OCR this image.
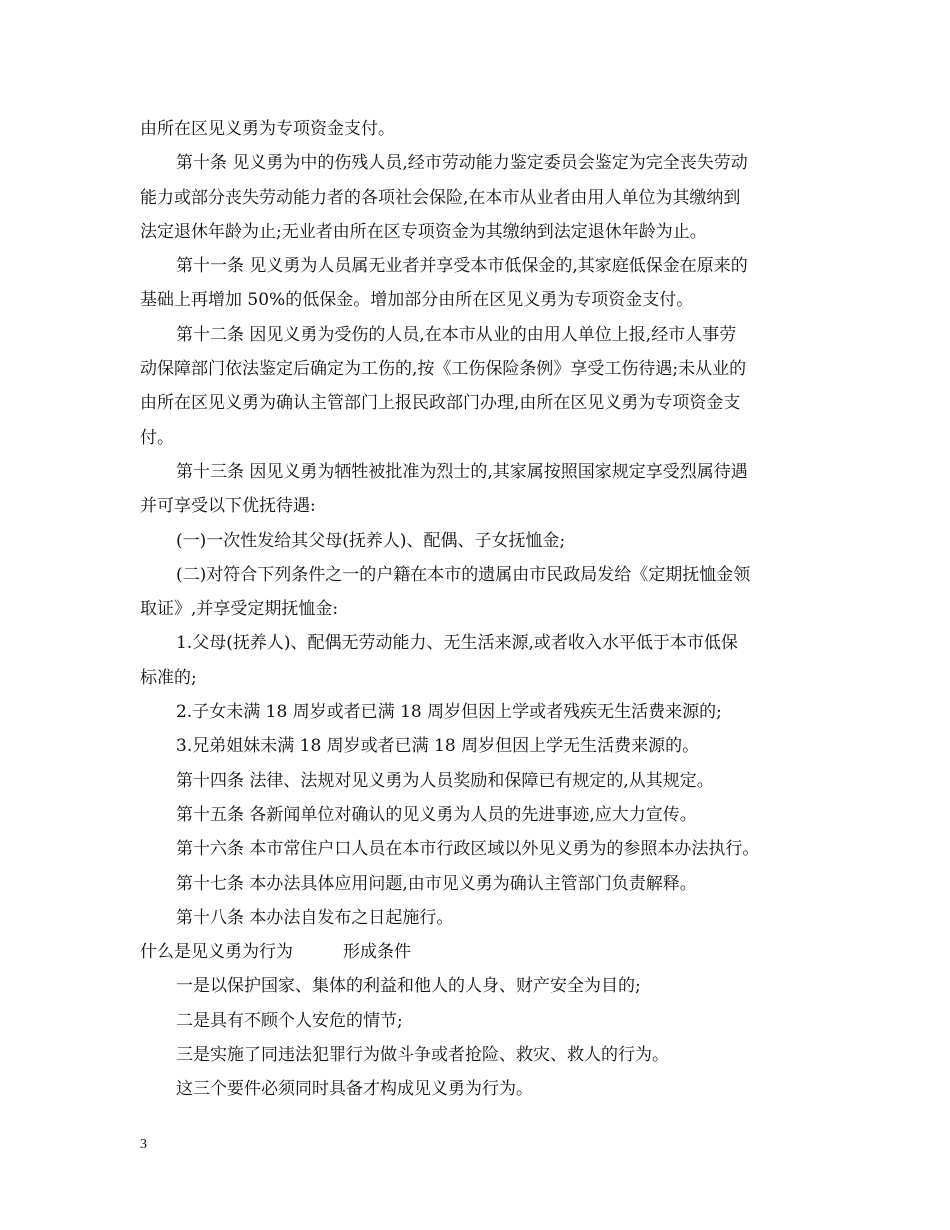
由所在区见义勇为专项资金支付。
第十条 见义勇为中的伤残人员,经市劳动能力鉴定委员会鉴定为完全丧失劳动
能力或部分丧失劳动能力者的各项社会保险,在本市从业者由用人单位为其缴纳到
法定退休年龄为止;无业者由所在区专项资金为其缴纳到法定退休年龄为止。
第十一条 见义勇为人员属无业者并享受本市低保金的,其家庭低保金在原来的
基础上再增加 50%的低保金。增加部分由所在区见义勇为专项资金支付。
第十二条 因见义勇为受伤的人员,在本市从业的由用人单位上报,经市人事劳
动保障部门依法鉴定后确定为工伤的,按《工伤保险条例》享受工伤待遇;未从业的
由所在区见义勇为确认主管部门上报民政部门办理,由所在区见义勇为专项资金支
付。
第十三条 因见义勇为牺牲被批准为烈士的,其家属按照国家规定享受烈属待遇
并可享受以下优抚待遇:
(一)一次性发给其父母(抚养人)、配偶、子女抚恤金;
(二)对符合下列条件之一的户籍在本市的遗属由市民政局发给《定期抚恤金领
取证》,并享受定期抚恤金:
1.父母(抚养人)、配偶无劳动能力、无生活来源,或者收入水平低于本市低保
标准的;
2.子女未满 18 周岁或者已满 18 周岁但因上学或者残疾无生活费来源的;
3.兄弟姐妹未满 18 周岁或者已满 18 周岁但因上学无生活费来源的。
第十四条 法律、法规对见义勇为人员奖励和保障已有规定的,从其规定。
第十五条 各新闻单位对确认的见义勇为人员的先进事迹,应大力宣传。
第十六条 本市常住户口人员在本市行政区域以外见义勇为的参照本办法执行。
第十七条 本办法具体应用问题,由市见义勇为确认主管部门负责解释。
第十八条 本办法自发布之日起施行。
什么是见义勇为行为	形成条件
一是以保护国家、集体的利益和他人的人身、财产安全为目的;
二是具有不顾个人安危的情节;
三是实施了同违法犯罪行为做斗争或者抢险、救灾、救人的行为。
这三个要件必须同时具备才构成见义勇为行为。
3
